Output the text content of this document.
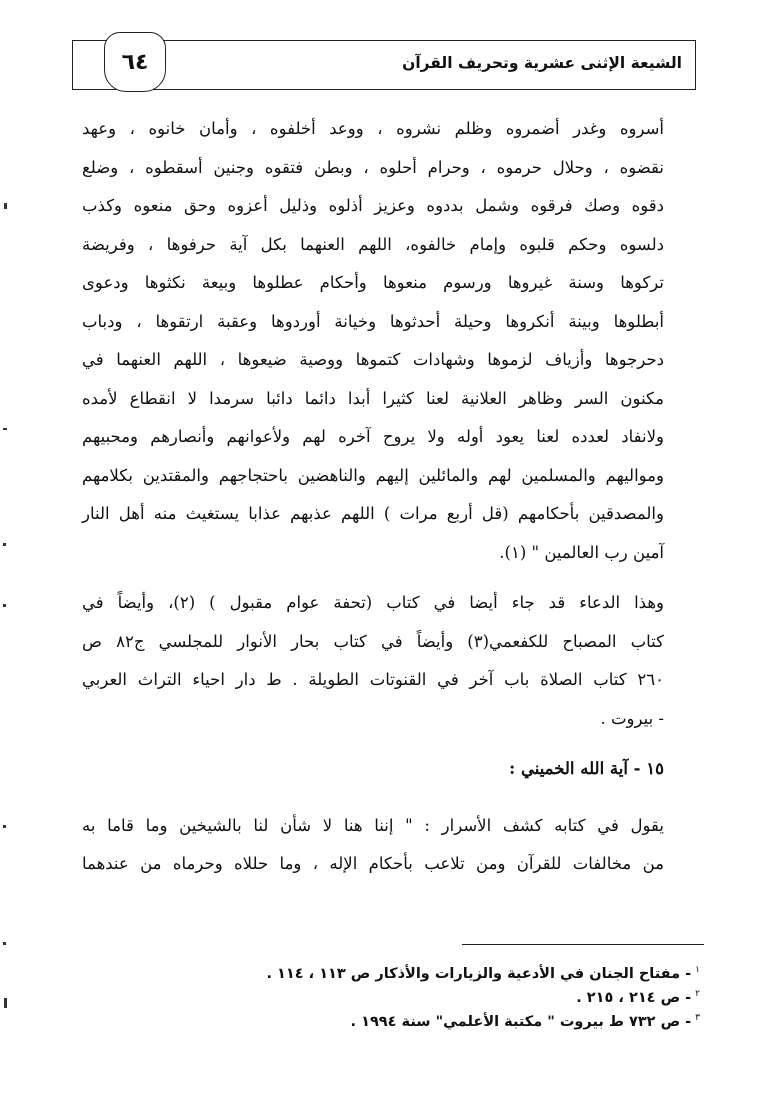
الشيعة الإثنى عشرية وتحريف القرآن
٦٤
أسروه وغدر أضمروه وظلم نشروه ، ووعد أخلفوه ، وأمان خانوه ، وعهد
نقضوه ، وحلال حرموه ، وحرام أحلوه ، وبطن فتقوه وجنين أسقطوه ، وضلع
دقوه وصك فرقوه وشمل بددوه وعزيز أذلوه وذليل أعزوه وحق منعوه وكذب
دلسوه وحكم قلبوه وإمام خالفوه، اللهم العنهما بكل آية حرفوها ، وفريضة
تركوها وسنة غيروها ورسوم منعوها وأحكام عطلوها وبيعة نكثوها ودعوى
أبطلوها وبينة أنكروها وحيلة أحدثوها وخيانة أوردوها وعقبة ارتقوها ، ودباب
دحرجوها وأزياف لزموها وشهادات كتموها ووصية ضيعوها ، اللهم العنهما في
مكنون السر وظاهر العلانية لعنا كثيرا أبدا دائما دائبا سرمدا لا انقطاع لأمده
ولانفاد لعدده لعنا يعود أوله ولا يروح آخره لهم ولأعوانهم وأنصارهم ومحبيهم
ومواليهم والمسلمين لهم والمائلين إليهم والناهضين باحتجاجهم والمقتدين بكلامهم
والمصدقين بأحكامهم (قل أربع مرات ) اللهم عذبهم عذابا يستغيث منه أهل النار
آمين رب العالمين " (١).
وهذا الدعاء قد جاء أيضا في كتاب (تحفة عوام مقبول ) (٢)، وأيضاً في
كتاب المصباح للكفعمي(٣) وأيضاً في كتاب بحار الأنوار للمجلسي ج٨٢ ص
٢٦٠ كتاب الصلاة باب آخر في القنوتات الطويلة . ط دار احياء التراث العربي
- بيروت .
١٥ - آية الله الخميني :
يقول في كتابه كشف الأسرار : " إننا هنا لا شأن لنا بالشيخين وما قاما به
من مخالفات للقرآن ومن تلاعب بأحكام الإله ، وما حللاه وحرماه من عندهما
$^١$- مفتاح الجنان في الأدعية والزيارات والأذكار ص ١١٣ ، ١١٤ .
$^٢$- ص ٢١٤ ، ٢١٥ .
$^٣$- ص ٧٣٢ ط بيروت " مكتبة الأعلمي" سنة ١٩٩٤ .
